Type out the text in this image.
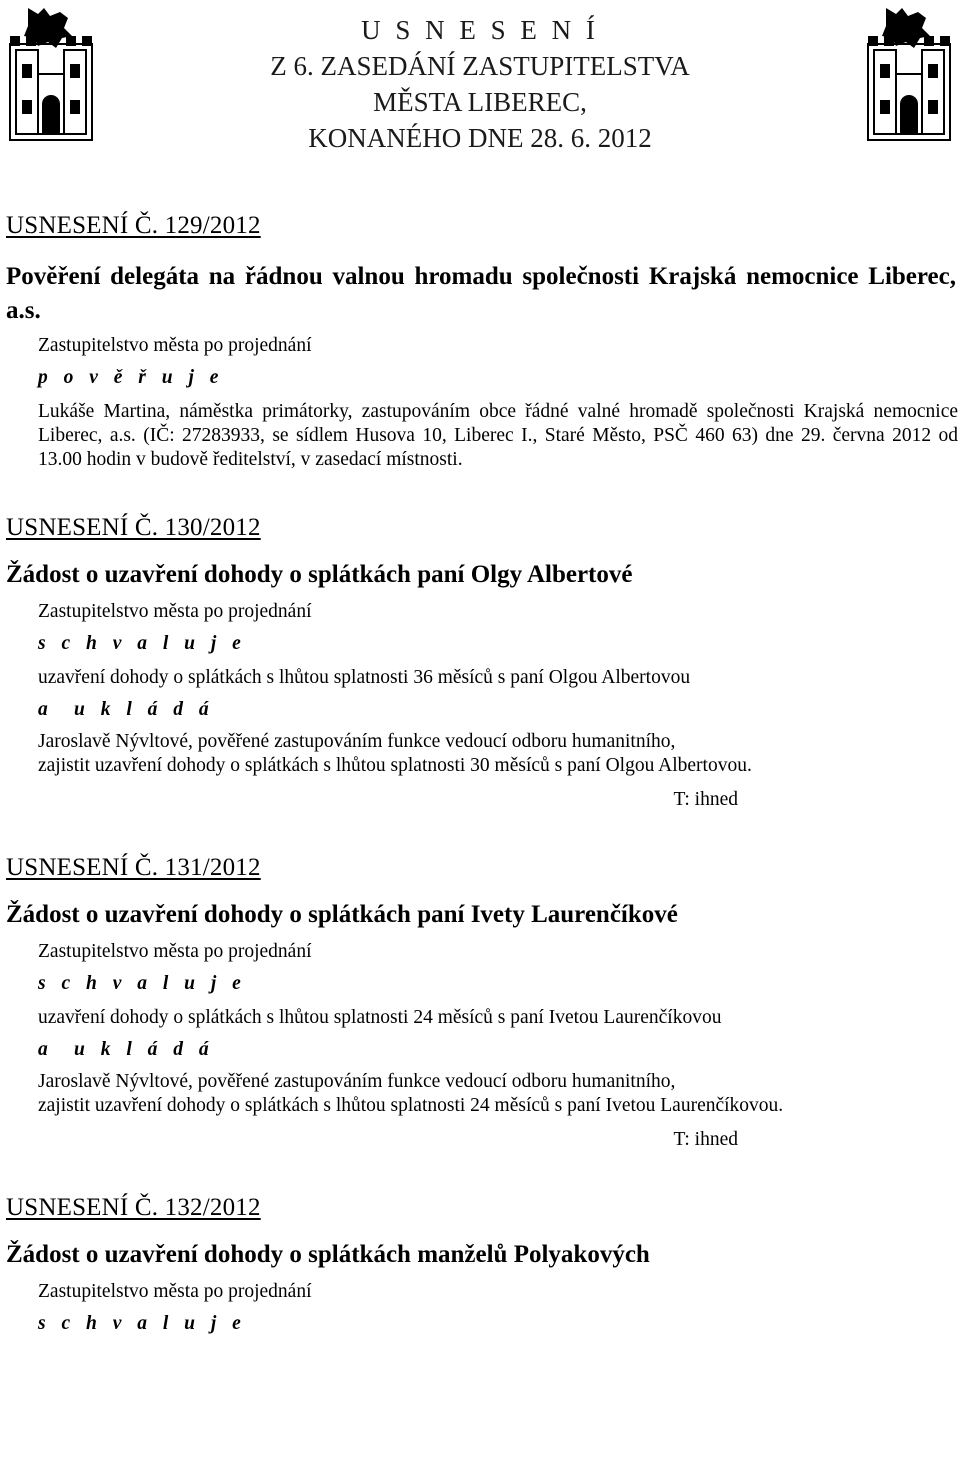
U S N E S E N Í
Z 6. ZASEDÁNÍ ZASTUPITELSTVA
MĚSTA LIBEREC,
KONANÉHO DNE 28. 6. 2012
USNESENÍ Č. 129/2012
Pověření delegáta na řádnou valnou hromadu společnosti Krajská nemocnice Liberec, a.s.
Zastupitelstvo města po projednání
p o v ě ř u j e
Lukáše Martina, náměstka primátorky, zastupováním obce řádné valné hromadě společnosti Krajská nemocnice Liberec, a.s. (IČ: 27283933, se sídlem Husova 10, Liberec I., Staré Město, PSČ 460 63) dne 29. června 2012 od 13.00 hodin v budově ředitelství, v zasedací místnosti.
USNESENÍ Č. 130/2012
Žádost o uzavření dohody o splátkách paní Olgy Albertové
Zastupitelstvo města po projednání
s c h v a l u j e
uzavření dohody o splátkách s lhůtou splatnosti 36 měsíců s paní Olgou Albertovou
a  u k l á d á
Jaroslavě Nývltové, pověřené zastupováním funkce vedoucí odboru humanitního,
zajistit uzavření dohody o splátkách s lhůtou splatnosti 30 měsíců s paní Olgou Albertovou.
T: ihned
USNESENÍ Č. 131/2012
Žádost o uzavření dohody o splátkách paní Ivety Laurenčíkové
Zastupitelstvo města po projednání
s c h v a l u j e
uzavření dohody o splátkách s lhůtou splatnosti 24 měsíců s paní Ivetou Laurenčíkovou
a  u k l á d á
Jaroslavě Nývltové, pověřené zastupováním funkce vedoucí odboru humanitního,
zajistit uzavření dohody o splátkách s lhůtou splatnosti 24 měsíců s paní Ivetou Laurenčíkovou.
T: ihned
USNESENÍ Č. 132/2012
Žádost o uzavření dohody o splátkách manželů Polyakových
Zastupitelstvo města po projednání
s c h v a l u j e
